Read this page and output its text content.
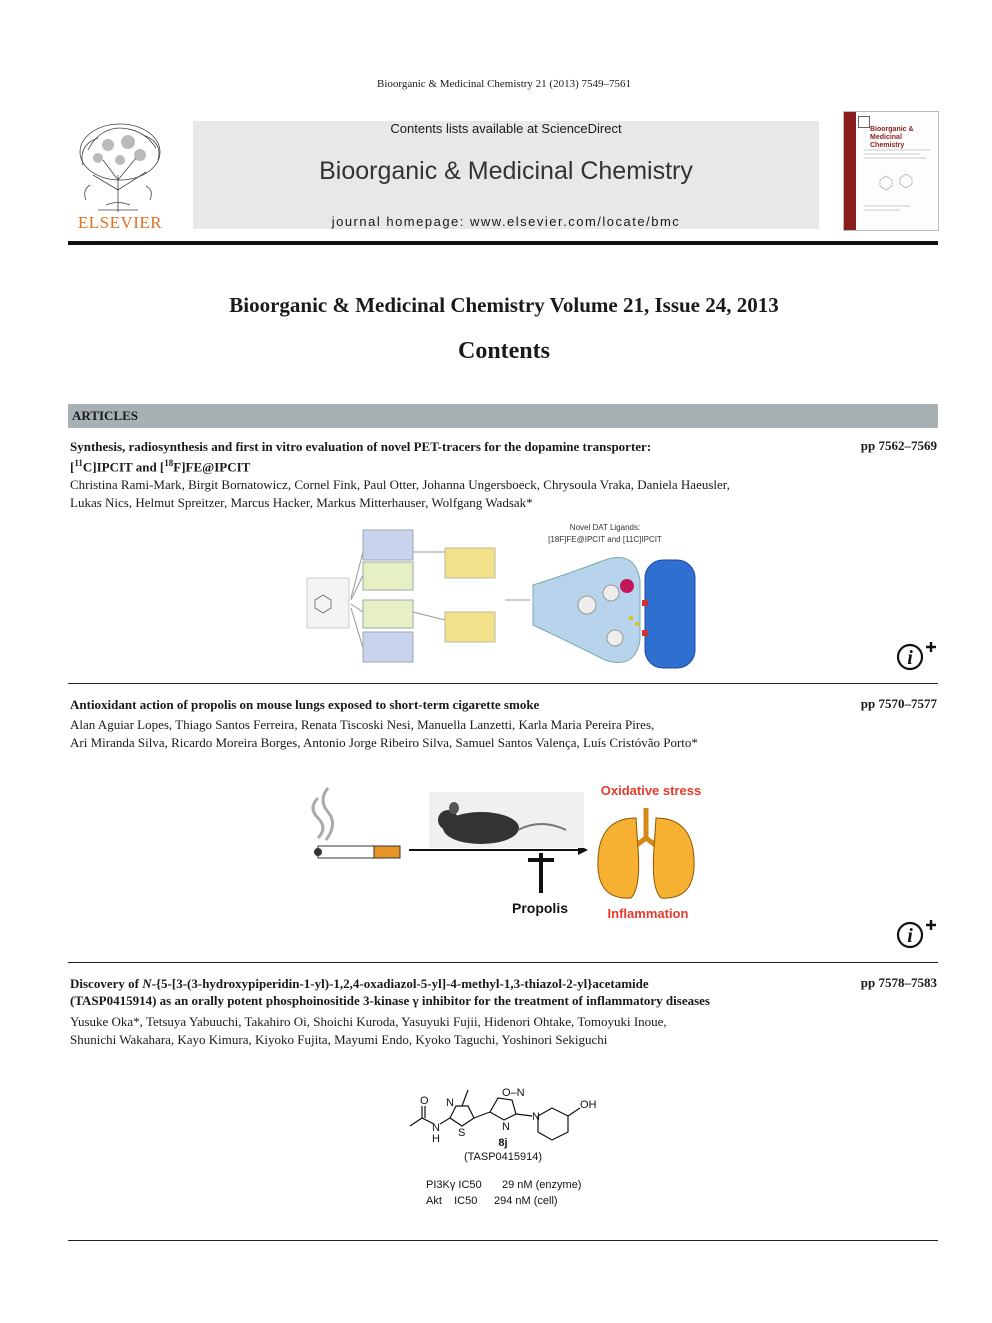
Bioorganic & Medicinal Chemistry 21 (2013) 7549–7561
ELSEVIER
Contents lists available at ScienceDirect
Bioorganic & Medicinal Chemistry
journal homepage: www.elsevier.com/locate/bmc
Bioorganic & Medicinal Chemistry
Bioorganic & Medicinal Chemistry Volume 21, Issue 24, 2013
Contents
ARTICLES
Synthesis, radiosynthesis and first in vitro evaluation of novel PET-tracers for the dopamine transporter:
[$^{11}$C]IPCIT and [$^{18}$F]FE@IPCIT
pp 7562–7569
Christina Rami-Mark, Birgit Bornatowicz, Cornel Fink, Paul Otter, Johanna Ungersboeck, Chrysoula Vraka, Daniela Haeusler,
Lukas Nics, Helmut Spreitzer, Marcus Hacker, Markus Mitterhauser, Wolfgang Wadsak*
Novel DAT Ligands:
[18F]FE@IPCIT and [11C]IPCIT
i
Antioxidant action of propolis on mouse lungs exposed to short-term cigarette smoke	pp 7570–7577
Alan Aguiar Lopes, Thiago Santos Ferreira, Renata Tiscoski Nesi, Manuella Lanzetti, Karla Maria Pereira Pires,
Ari Miranda Silva, Ricardo Moreira Borges, Antonio Jorge Ribeiro Silva, Samuel Santos Valença, Luís Cristóvão Porto*
Propolis
Oxidative stress
Inflammation
i
Discovery of N-{5-[3-(3-hydroxypiperidin-1-yl)-1,2,4-oxadiazol-5-yl]-4-methyl-1,3-thiazol-2-yl}acetamide
(TASP0415914) as an orally potent phosphoinositide 3-kinase γ inhibitor for the treatment of inflammatory diseases
pp 7578–7583
Yusuke Oka*, Tetsuya Yabuuchi, Takahiro Oi, Shoichi Kuroda, Yasuyuki Fujii, Hidenori Ohtake, Tomoyuki Inoue,
Shunichi Wakahara, Kayo Kimura, Kiyoko Fujita, Mayumi Endo, Kyoko Taguchi, Yoshinori Sekiguchi
O
N
H
N
S
O–N
N
N
OH
8j
(TASP0415914)
PI3Kγ IC50 29 nM (enzyme)
Akt    IC50 294 nM (cell)
